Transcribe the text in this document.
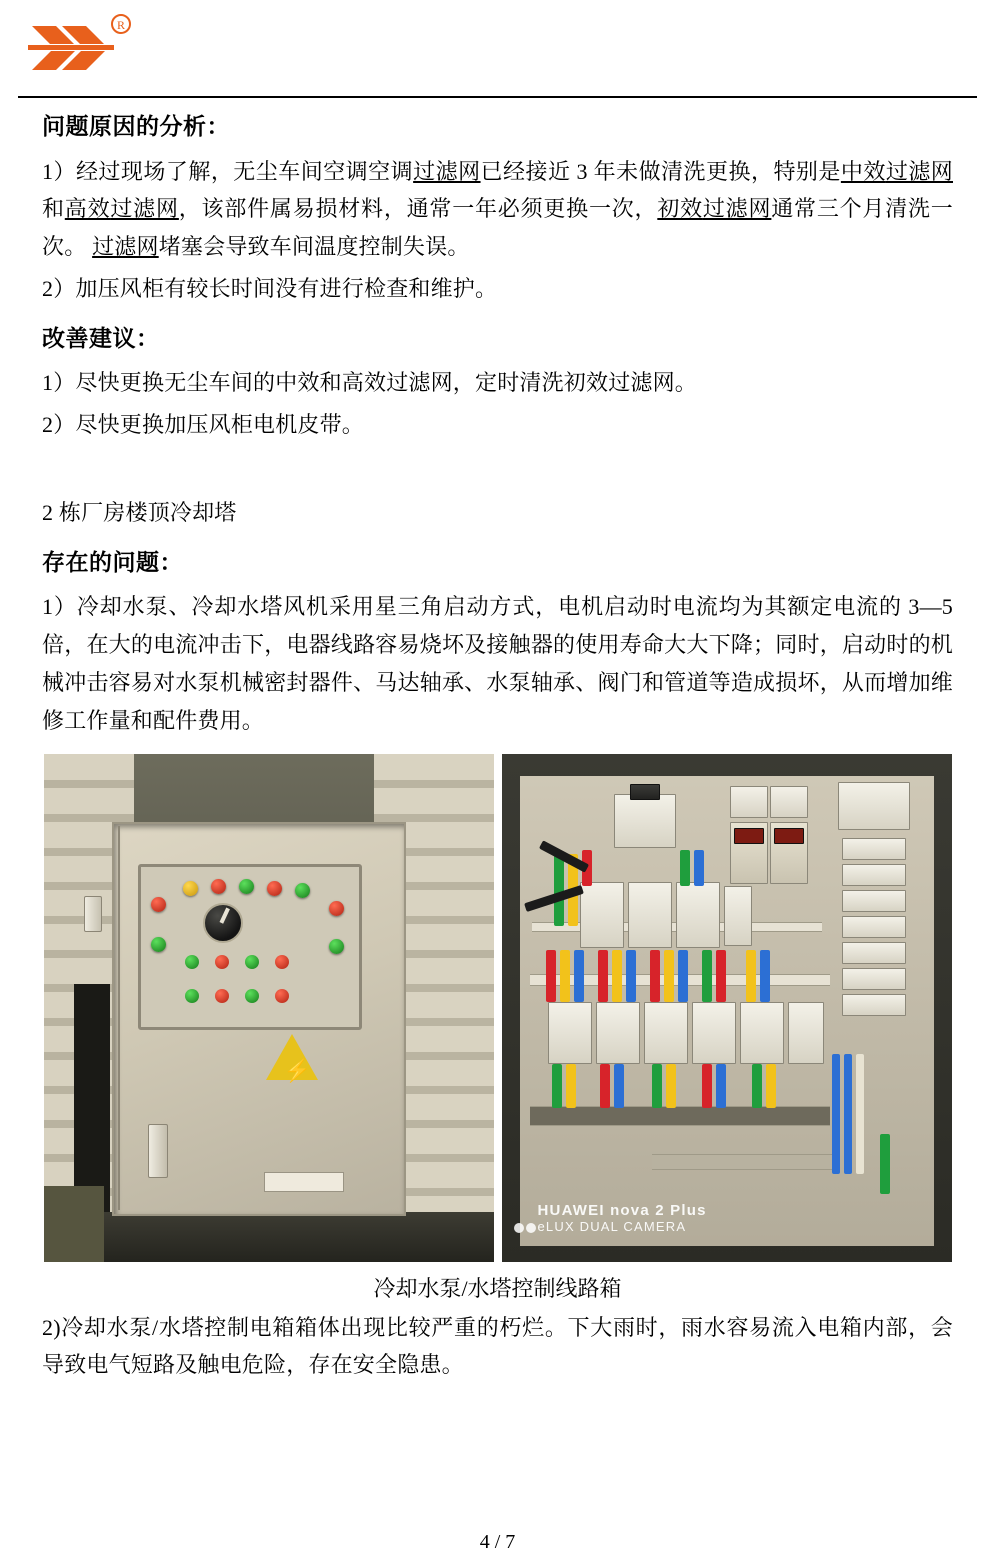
R
问题原因的分析：

1）经过现场了解，无尘车间空调空调过滤网已经接近 3 年未做清洗更换，特别是中效过滤网和高效过滤网，该部件属易损材料，通常一年必须更换一次，初效过滤网通常三个月清洗一次。 过滤网堵塞会导致车间温度控制失误。

2）加压风柜有较长时间没有进行检查和维护。

改善建议：

1）尽快更换无尘车间的中效和高效过滤网，定时清洗初效过滤网。

2）尽快更换加压风柜电机皮带。

2 栋厂房楼顶冷却塔

存在的问题：

1）冷却水泵、冷却水塔风机采用星三角启动方式，电机启动时电流均为其额定电流的 3—5 倍，在大的电流冲击下，电器线路容易烧坏及接触器的使用寿命大大下降；同时，启动时的机械冲击容易对水泵机械密封器件、马达轴承、水泵轴承、阀门和管道等造成损坏，从而增加维修工作量和配件费用。

⚡
HUAWEI nova 2 Plus
eLUX DUAL CAMERA
冷却水泵/水塔控制线路箱

2)冷却水泵/水塔控制电箱箱体出现比较严重的朽烂。下大雨时，雨水容易流入电箱内部，会导致电气短路及触电危险，存在安全隐患。

4 / 7
